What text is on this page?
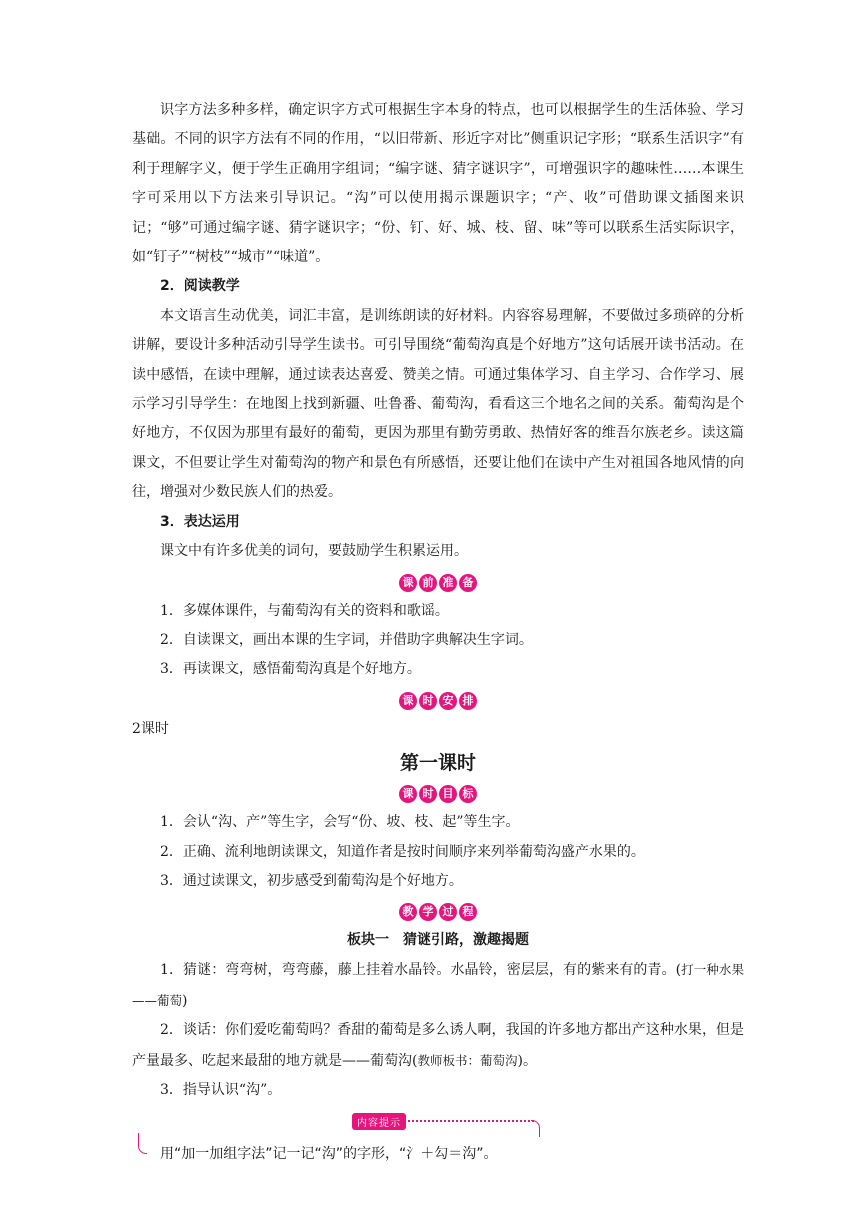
识字方法多种多样，确定识字方式可根据生字本身的特点，也可以根据学生的生活体验、学习基础。不同的识字方法有不同的作用，“以旧带新、形近字对比”侧重识记字形；“联系生活识字”有利于理解字义，便于学生正确用字组词；“编字谜、猜字谜识字”，可增强识字的趣味性……本课生字可采用以下方法来引导识记。“沟”可以使用揭示课题识字；“产、收”可借助课文插图来识记；“够”可通过编字谜、猜字谜识字；“份、钉、好、城、枝、留、味”等可以联系生活实际识字，如“钉子”“树枝”“城市”“味道”。

2．阅读教学

本文语言生动优美，词汇丰富，是训练朗读的好材料。内容容易理解，不要做过多琐碎的分析讲解，要设计多种活动引导学生读书。可引导围绕“葡萄沟真是个好地方”这句话展开读书活动。在读中感悟，在读中理解，通过读表达喜爱、赞美之情。可通过集体学习、自主学习、合作学习、展示学习引导学生：在地图上找到新疆、吐鲁番、葡萄沟，看看这三个地名之间的关系。葡萄沟是个好地方，不仅因为那里有最好的葡萄，更因为那里有勤劳勇敢、热情好客的维吾尔族老乡。读这篇课文，不但要让学生对葡萄沟的物产和景色有所感悟，还要让他们在读中产生对祖国各地风情的向往，增强对少数民族人们的热爱。

3．表达运用

课文中有许多优美的词句，要鼓励学生积累运用。

课 前 准 备

1．多媒体课件，与葡萄沟有关的资料和歌谣。

2．自读课文，画出本课的生字词，并借助字典解决生字词。

3．再读课文，感悟葡萄沟真是个好地方。

课 时 安 排

2课时

第一课时
课 时 目 标

1．会认“沟、产”等生字，会写“份、坡、枝、起”等生字。

2．正确、流利地朗读课文，知道作者是按时间顺序来列举葡萄沟盛产水果的。

3．通过读课文，初步感受到葡萄沟是个好地方。

教 学 过 程

板块一　猜谜引路，激趣揭题

1．猜谜：弯弯树，弯弯藤，藤上挂着水晶铃。水晶铃，密层层，有的紫来有的青。(打一种水果——葡萄)

2．谈话：你们爱吃葡萄吗？香甜的葡萄是多么诱人啊，我国的许多地方都出产这种水果，但是产量最多、吃起来最甜的地方就是——葡萄沟(教师板书：葡萄沟)。

3．指导认识“沟”。

内容提示
用“加一加组字法”记一记“沟”的字形，“氵＋勾＝沟”。
